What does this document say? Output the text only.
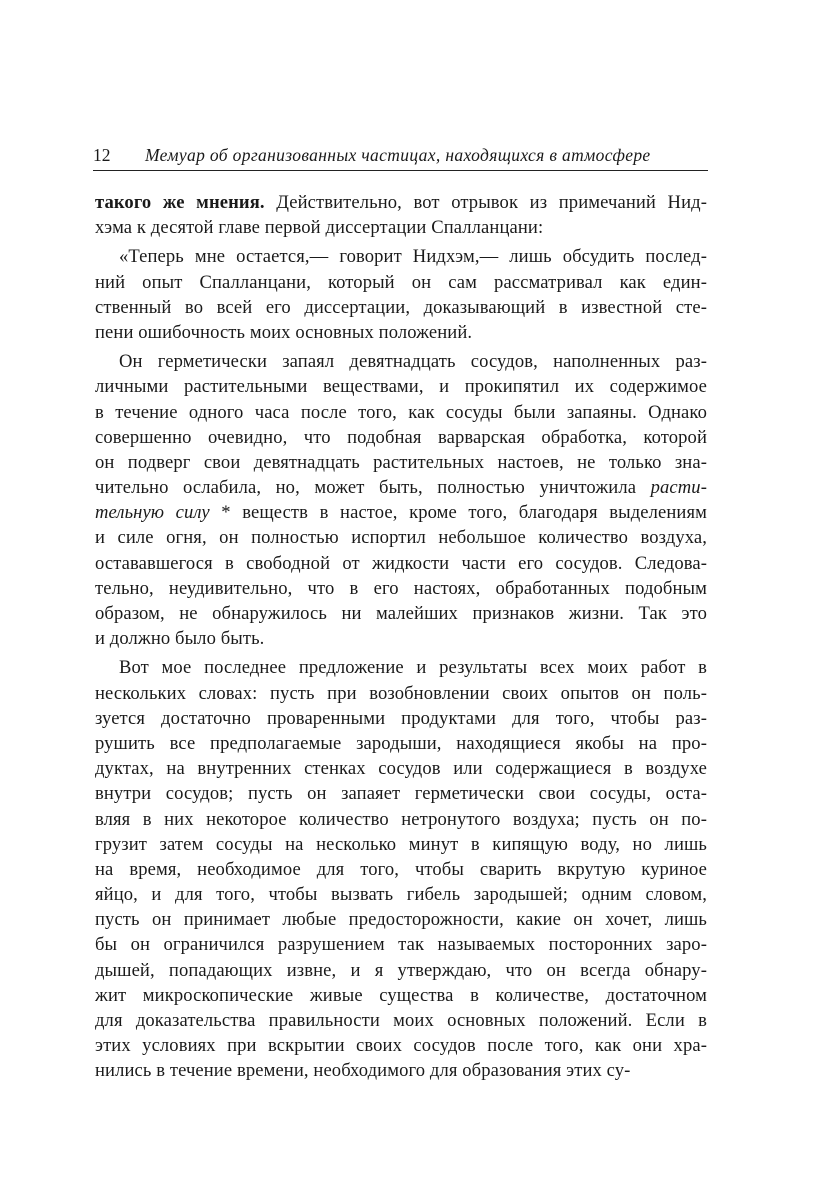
12	Мемуар об организованных частицах, находящихся в атмосфере
такого же мнения. Действительно, вот отрывок из примечаний Нид-
хэма к десятой главе первой диссертации Спалланцани:
«Теперь мне остается,— говорит Нидхэм,— лишь обсудить послед-
ний опыт Спалланцани, который он сам рассматривал как един-
ственный во всей его диссертации, доказывающий в известной сте-
пени ошибочность моих основных положений.
Он герметически запаял девятнадцать сосудов, наполненных раз-
личными растительными веществами, и прокипятил их содержимое
в течение одного часа после того, как сосуды были запаяны. Однако
совершенно очевидно, что подобная варварская обработка, которой
он подверг свои девятнадцать растительных настоев, не только зна-
чительно ослабила, но, может быть, полностью уничтожила расти-
тельную силу * веществ в настое, кроме того, благодаря выделениям
и силе огня, он полностью испортил небольшое количество воздуха,
остававшегося в свободной от жидкости части его сосудов. Следова-
тельно, неудивительно, что в его настоях, обработанных подобным
образом, не обнаружилось ни малейших признаков жизни. Так это
и должно было быть.
Вот мое последнее предложение и результаты всех моих работ в
нескольких словах: пусть при возобновлении своих опытов он поль-
зуется достаточно проваренными продуктами для того, чтобы раз-
рушить все предполагаемые зародыши, находящиеся якобы на про-
дуктах, на внутренних стенках сосудов или содержащиеся в воздухе
внутри сосудов; пусть он запаяет герметически свои сосуды, оста-
вляя в них некоторое количество нетронутого воздуха; пусть он по-
грузит затем сосуды на несколько минут в кипящую воду, но лишь
на время, необходимое для того, чтобы сварить вкрутую куриное
яйцо, и для того, чтобы вызвать гибель зародышей; одним словом,
пусть он принимает любые предосторожности, какие он хочет, лишь
бы он ограничился разрушением так называемых посторонних заро-
дышей, попадающих извне, и я утверждаю, что он всегда обнару-
жит микроскопические живые существа в количестве, достаточном
для доказательства правильности моих основных положений. Если в
этих условиях при вскрытии своих сосудов после того, как они хра-
нились в течение времени, необходимого для образования этих су-
